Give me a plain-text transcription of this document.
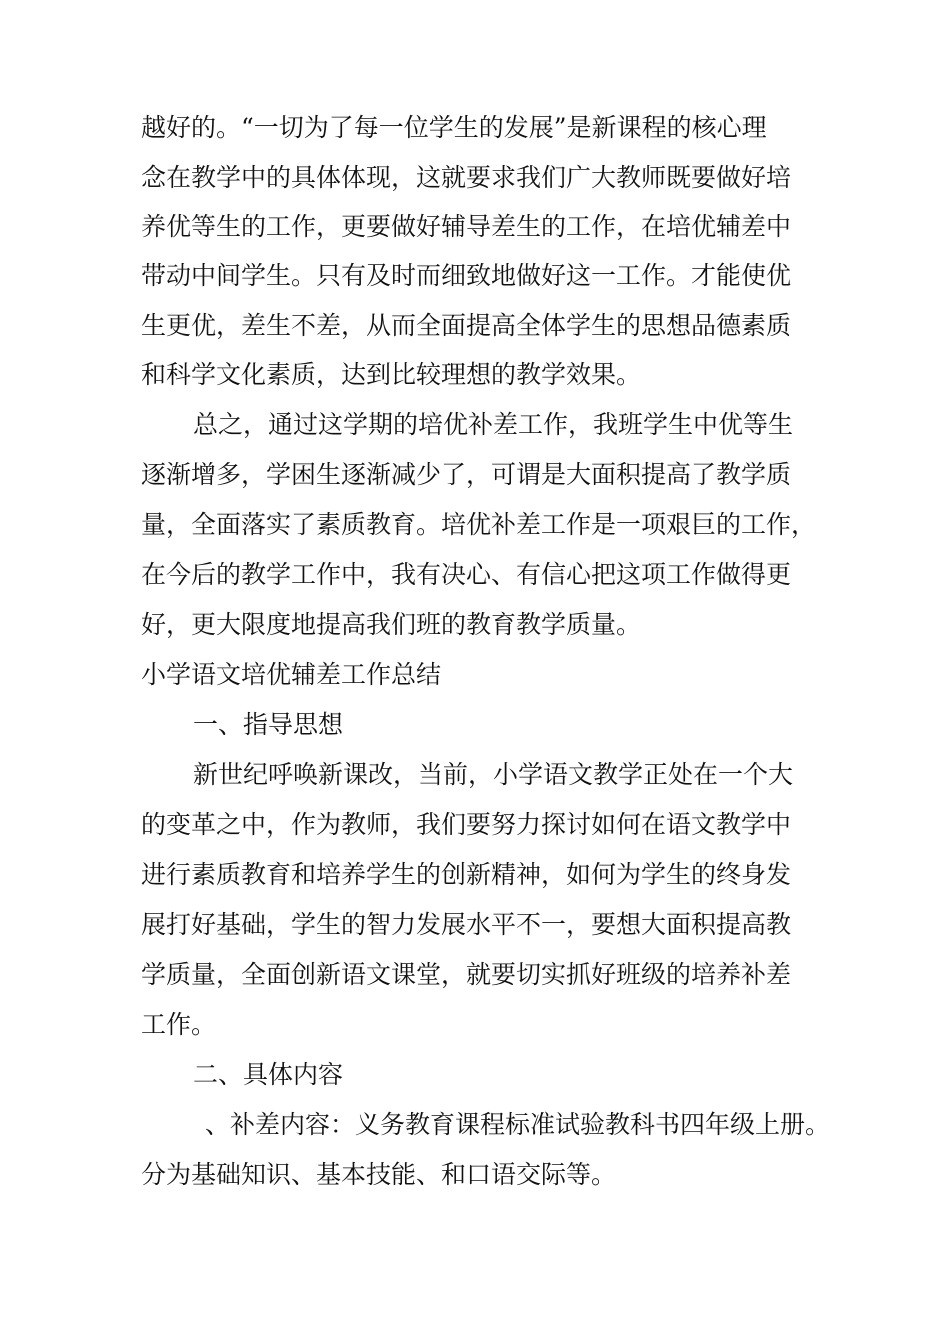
越好的。“一切为了每一位学生的发展”是新课程的核心理
念在教学中的具体体现，这就要求我们广大教师既要做好培
养优等生的工作，更要做好辅导差生的工作，在培优辅差中
带动中间学生。只有及时而细致地做好这一工作。才能使优
生更优，差生不差，从而全面提高全体学生的思想品德素质
和科学文化素质，达到比较理想的教学效果。
总之，通过这学期的培优补差工作，我班学生中优等生
逐渐增多，学困生逐渐减少了，可谓是大面积提高了教学质
量，全面落实了素质教育。培优补差工作是一项艰巨的工作，
在今后的教学工作中，我有决心、有信心把这项工作做得更
好，更大限度地提高我们班的教育教学质量。
小学语文培优辅差工作总结
一、指导思想
新世纪呼唤新课改，当前，小学语文教学正处在一个大
的变革之中，作为教师，我们要努力探讨如何在语文教学中
进行素质教育和培养学生的创新精神，如何为学生的终身发
展打好基础，学生的智力发展水平不一，要想大面积提高教
学质量，全面创新语文课堂，就要切实抓好班级的培养补差
工作。
二、具体内容
、补差内容：义务教育课程标准试验教科书四年级上册。
分为基础知识、基本技能、和口语交际等。
